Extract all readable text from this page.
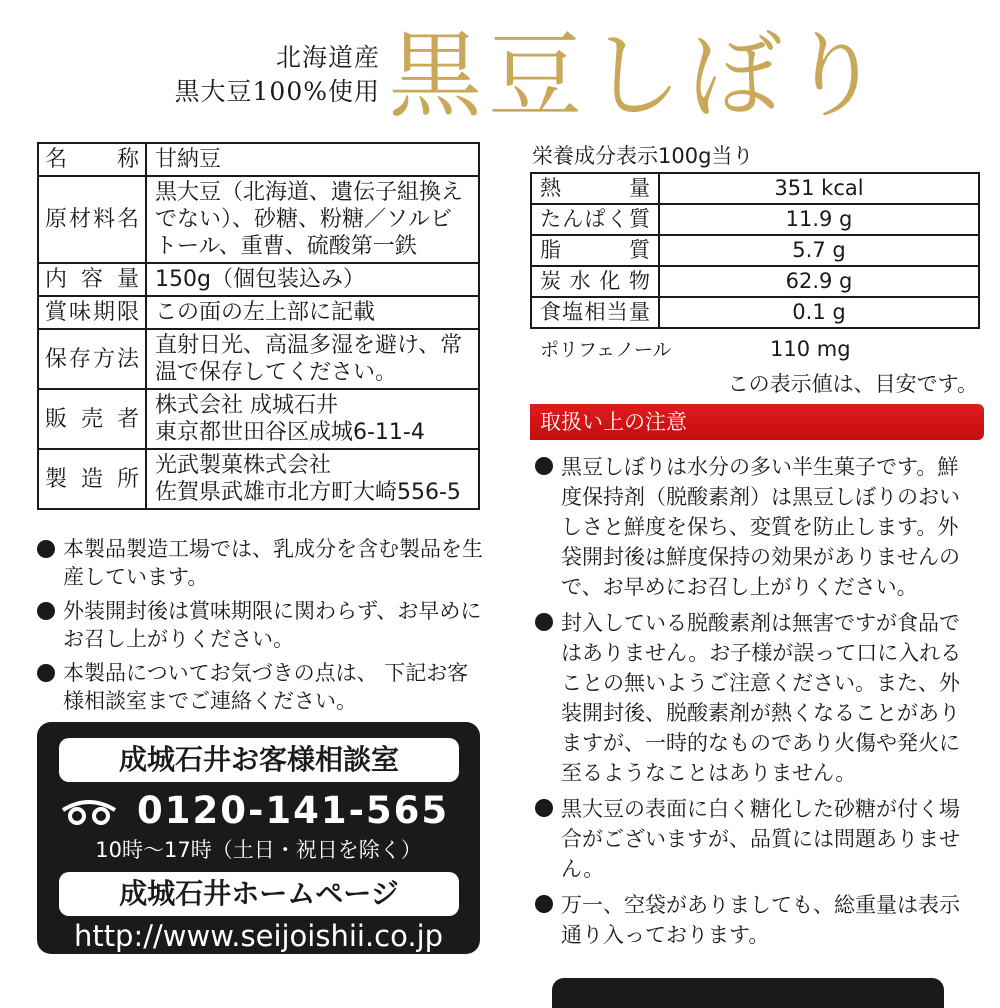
北海道産
黒大豆100%使用 黒豆しぼり
名　称	甘納豆
原材料名	黒大豆（北海道、遺伝子組換えでない）、砂糖、粉糖／ソルビトール、重曹、硫酸第一鉄
内容量	150g（個包装込み）
賞味期限	この面の左上部に記載
保存方法	直射日光、高温多湿を避け、常温で保存してください。
販売者	株式会社 成城石井
東京都世田谷区成城6-11-4
製造所	光武製菓株式会社
佐賀県武雄市北方町大崎556-5
本製品製造工場では、乳成分を含む製品を生産しています。
外装開封後は賞味期限に関わらず、お早めにお召し上がりください。
本製品についてお気づきの点は、 下記お客様相談室までご連絡ください。
成城石井お客様相談室
0120-141-565
10時～17時（土日・祝日を除く）
成城石井ホームページ
http://www.seijoishii.co.jp
栄養成分表示100g当り
熱　量	351 kcal
たんぱく質	11.9 g
脂　質	5.7 g
炭水化物	62.9 g
食塩相当量	0.1 g
ポリフェノール	110 mg
この表示値は、目安です。
取扱い上の注意
黒豆しぼりは水分の多い半生菓子です。鮮度保持剤（脱酸素剤）は黒豆しぼりのおいしさと鮮度を保ち、変質を防止します。外袋開封後は鮮度保持の効果がありませんので、お早めにお召し上がりください。
封入している脱酸素剤は無害ですが食品ではありません。お子様が誤って口に入れることの無いようご注意ください。また、外装開封後、脱酸素剤が熱くなることがありますが、一時的なものであり火傷や発火に至るようなことはありません。
黒大豆の表面に白く糖化した砂糖が付く場合がございますが、品質には問題ありません。
万一、空袋がありましても、総重量は表示通り入っております。
